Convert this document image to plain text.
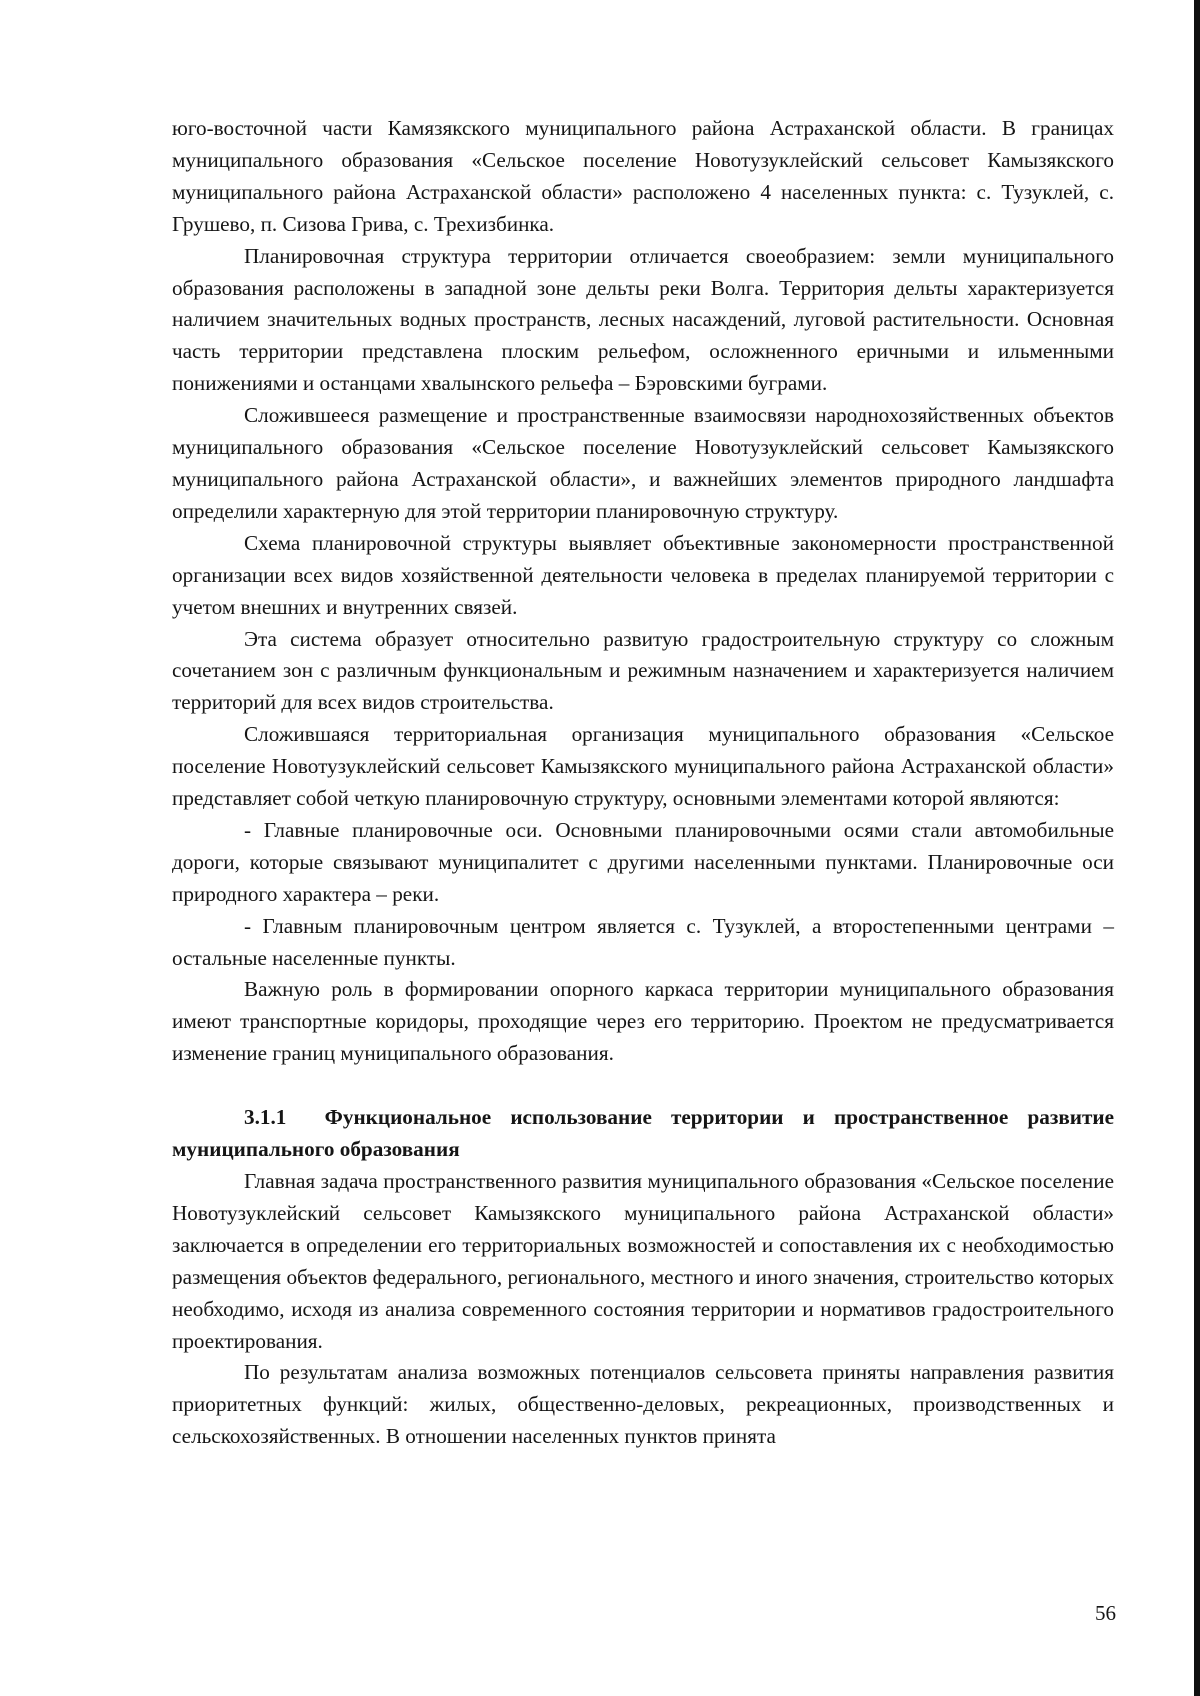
юго-восточной части Камязякского муниципального района Астраханской области. В границах муниципального образования «Сельское поселение Новотузуклейский сельсовет Камызякского муниципального района Астраханской области» расположено 4 населенных пункта: с. Тузуклей, с. Грушево, п. Сизова Грива, с. Трехизбинка.

Планировочная структура территории отличается своеобразием: земли муниципального образования расположены в западной зоне дельты реки Волга. Территория дельты характеризуется наличием значительных водных пространств, лесных насаждений, луговой растительности. Основная часть территории представлена плоским рельефом, осложненного еричными и ильменными понижениями и останцами хвалынского рельефа – Бэровскими буграми.

Сложившееся размещение и пространственные взаимосвязи народнохозяйственных объектов муниципального образования «Сельское поселение Новотузуклейский сельсовет Камызякского муниципального района Астраханской области», и важнейших элементов природного ландшафта определили характерную для этой территории планировочную структуру.

Схема планировочной структуры выявляет объективные закономерности пространственной организации всех видов хозяйственной деятельности человека в пределах планируемой территории с учетом внешних и внутренних связей.

Эта система образует относительно развитую градостроительную структуру со сложным сочетанием зон с различным функциональным и режимным назначением и характеризуется наличием территорий для всех видов строительства.

Сложившаяся территориальная организация муниципального образования «Сельское поселение Новотузуклейский сельсовет Камызякского муниципального района Астраханской области» представляет собой четкую планировочную структуру, основными элементами которой являются:

- Главные планировочные оси. Основными планировочными осями стали автомобильные дороги, которые связывают муниципалитет с другими населенными пунктами. Планировочные оси природного характера – реки.

- Главным планировочным центром является с. Тузуклей, а второстепенными центрами – остальные населенные пункты.

Важную роль в формировании опорного каркаса территории муниципального образования имеют транспортные коридоры, проходящие через его территорию. Проектом не предусматривается изменение границ муниципального образования.

3.1.1 Функциональное использование территории и пространственное развитие муниципального образования

Главная задача пространственного развития муниципального образования «Сельское поселение Новотузуклейский сельсовет Камызякского муниципального района Астраханской области» заключается в определении его территориальных возможностей и сопоставления их с необходимостью размещения объектов федерального, регионального, местного и иного значения, строительство которых необходимо, исходя из анализа современного состояния территории и нормативов градостроительного проектирования.

По результатам анализа возможных потенциалов сельсовета приняты направления развития приоритетных функций: жилых, общественно-деловых, рекреационных, производственных и сельскохозяйственных. В отношении населенных пунктов принята

56
